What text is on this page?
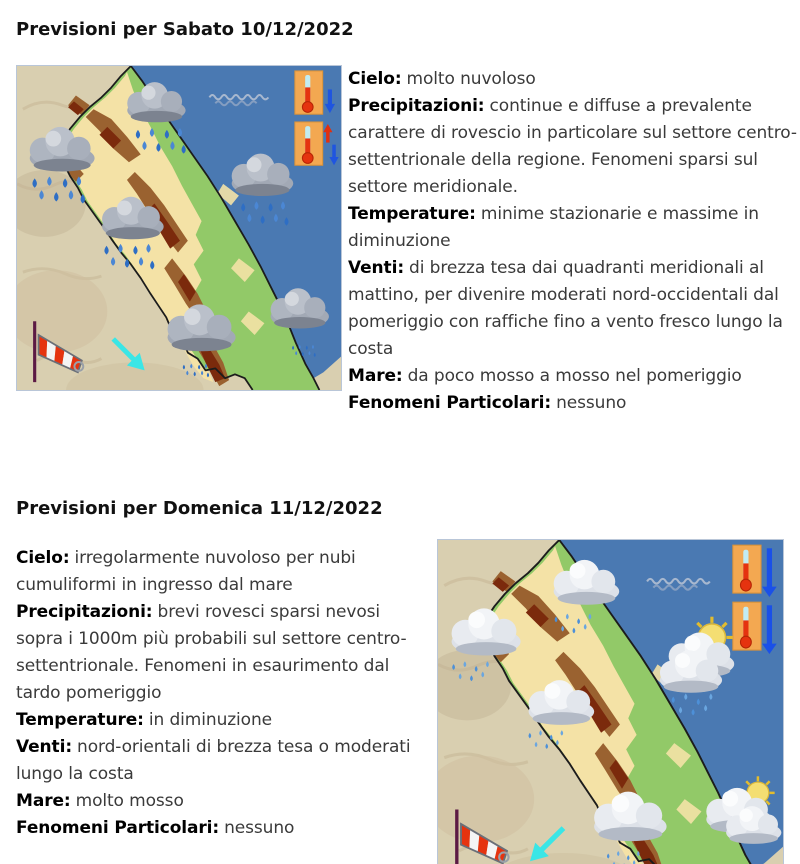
Previsioni per Sabato 10/12/2022
Cielo: molto nuvoloso
Precipitazioni: continue e diffuse a prevalente carattere di rovescio in particolare sul settore centro-settentrionale della regione. Fenomeni sparsi sul settore meridionale.
Temperature: minime stazionarie e massime in diminuzione
Venti: di brezza tesa dai quadranti meridionali al mattino, per divenire moderati nord-occidentali dal pomeriggio con raffiche fino a vento fresco lungo la costa
Mare: da poco mosso a mosso nel pomeriggio
Fenomeni Particolari: nessuno
Previsioni per Domenica 11/12/2022
Cielo: irregolarmente nuvoloso per nubi cumuliformi in ingresso dal mare
Precipitazioni: brevi rovesci sparsi nevosi sopra i 1000m più probabili sul settore centro-settentrionale. Fenomeni in esaurimento dal tardo pomeriggio
Temperature: in diminuzione
Venti: nord-orientali di brezza tesa o moderati lungo la costa
Mare: molto mosso
Fenomeni Particolari: nessuno
